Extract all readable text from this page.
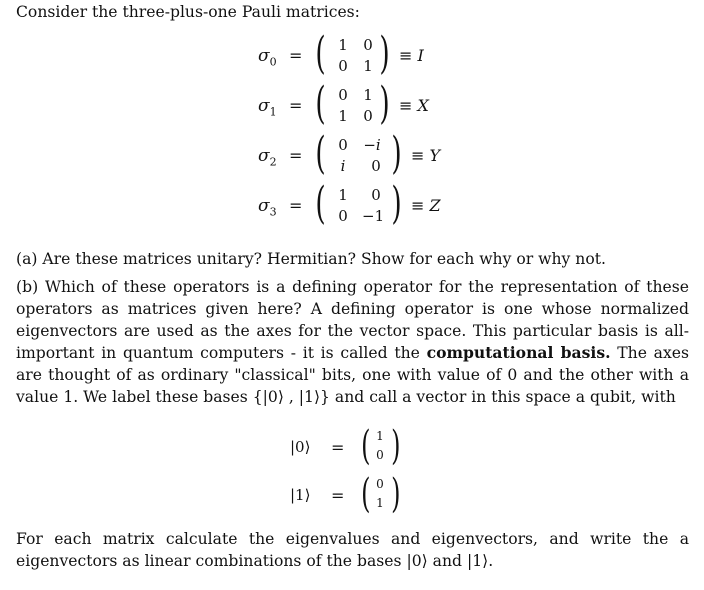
Consider the three-plus-one Pauli matrices:
$\sigma_0$ = ( 1	0
0	1 ) ≡ I
$\sigma_1$ = ( 0	1
1	0 ) ≡ X
$\sigma_2$ = ( 0	−i
i	0 ) ≡ Y
$\sigma_3$ = ( 1	0
0 −1 ) ≡ Z
(a) Are these matrices unitary? Hermitian? Show for each why or why not.
(b) Which of these operators is a defining operator for the representation of these operators as matrices given here? A defining operator is one whose normalized eigenvectors are used as the axes for the vector space. This particular basis is all-important in quantum computers - it is called the computational basis. The axes are thought of as ordinary "classical" bits, one with value of 0 and the other with a value 1. We label these bases {|0⟩ , |1⟩} and call a vector in this space a qubit, with
|0⟩ = ( 1
0 )
|1⟩ = ( 0
1 )
For each matrix calculate the eigenvalues and eigenvectors, and write the a eigenvectors as linear combinations of the bases |0⟩ and |1⟩.
